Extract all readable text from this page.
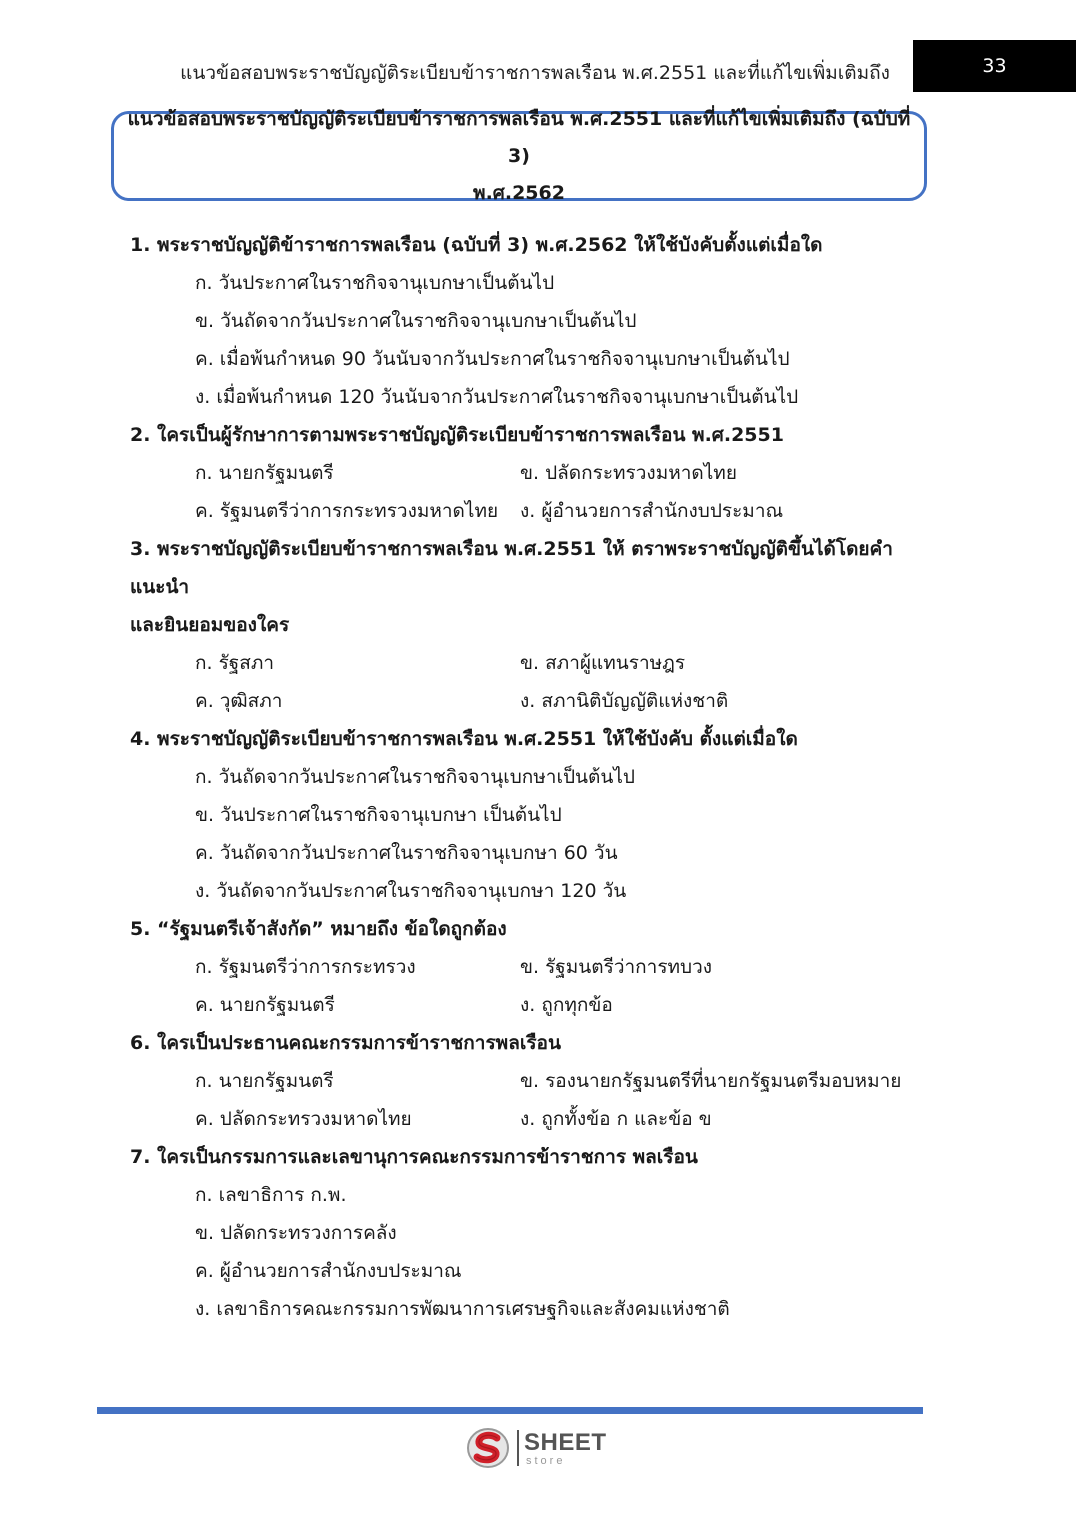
แนวข้อสอบพระราชบัญญัติระเบียบข้าราชการพลเรือน พ.ศ.2551 และที่แก้ไขเพิ่มเติมถึง	33
แนวข้อสอบพระราชบัญญัติระเบียบข้าราชการพลเรือน พ.ศ.2551 และที่แก้ไขเพิ่มเติมถึง (ฉบับที่ 3)
พ.ศ.2562
1. พระราชบัญญัติข้าราชการพลเรือน (ฉบับที่ 3) พ.ศ.2562 ให้ใช้บังคับตั้งแต่เมื่อใด
ก. วันประกาศในราชกิจจานุเบกษาเป็นต้นไป
ข. วันถัดจากวันประกาศในราชกิจจานุเบกษาเป็นต้นไป
ค. เมื่อพ้นกำหนด 90 วันนับจากวันประกาศในราชกิจจานุเบกษาเป็นต้นไป
ง. เมื่อพ้นกำหนด 120 วันนับจากวันประกาศในราชกิจจานุเบกษาเป็นต้นไป
2. ใครเป็นผู้รักษาการตามพระราชบัญญัติระเบียบข้าราชการพลเรือน พ.ศ.2551
ก. นายกรัฐมนตรี	ข. ปลัดกระทรวงมหาดไทย
ค. รัฐมนตรีว่าการกระทรวงมหาดไทย	ง. ผู้อำนวยการสำนักงบประมาณ
3. พระราชบัญญัติระเบียบข้าราชการพลเรือน พ.ศ.2551 ให้ ตราพระราชบัญญัติขึ้นได้โดยคำแนะนำ
และยินยอมของใคร
ก. รัฐสภา	ข. สภาผู้แทนราษฎร
ค. วุฒิสภา	ง. สภานิติบัญญัติแห่งชาติ
4. พระราชบัญญัติระเบียบข้าราชการพลเรือน พ.ศ.2551 ให้ใช้บังคับ ตั้งแต่เมื่อใด
ก. วันถัดจากวันประกาศในราชกิจจานุเบกษาเป็นต้นไป
ข. วันประกาศในราชกิจจานุเบกษา เป็นต้นไป
ค. วันถัดจากวันประกาศในราชกิจจานุเบกษา 60 วัน
ง. วันถัดจากวันประกาศในราชกิจจานุเบกษา 120 วัน
5. “รัฐมนตรีเจ้าสังกัด” หมายถึง ข้อใดถูกต้อง
ก. รัฐมนตรีว่าการกระทรวง	ข. รัฐมนตรีว่าการทบวง
ค. นายกรัฐมนตรี	ง. ถูกทุกข้อ
6. ใครเป็นประธานคณะกรรมการข้าราชการพลเรือน
ก. นายกรัฐมนตรี	ข. รองนายกรัฐมนตรีที่นายกรัฐมนตรีมอบหมาย
ค. ปลัดกระทรวงมหาดไทย	ง. ถูกทั้งข้อ ก และข้อ ข
7. ใครเป็นกรรมการและเลขานุการคณะกรรมการข้าราชการ พลเรือน
ก. เลขาธิการ ก.พ.
ข. ปลัดกระทรวงการคลัง
ค. ผู้อำนวยการสำนักงบประมาณ
ง. เลขาธิการคณะกรรมการพัฒนาการเศรษฐกิจและสังคมแห่งชาติ
SHEET
store
